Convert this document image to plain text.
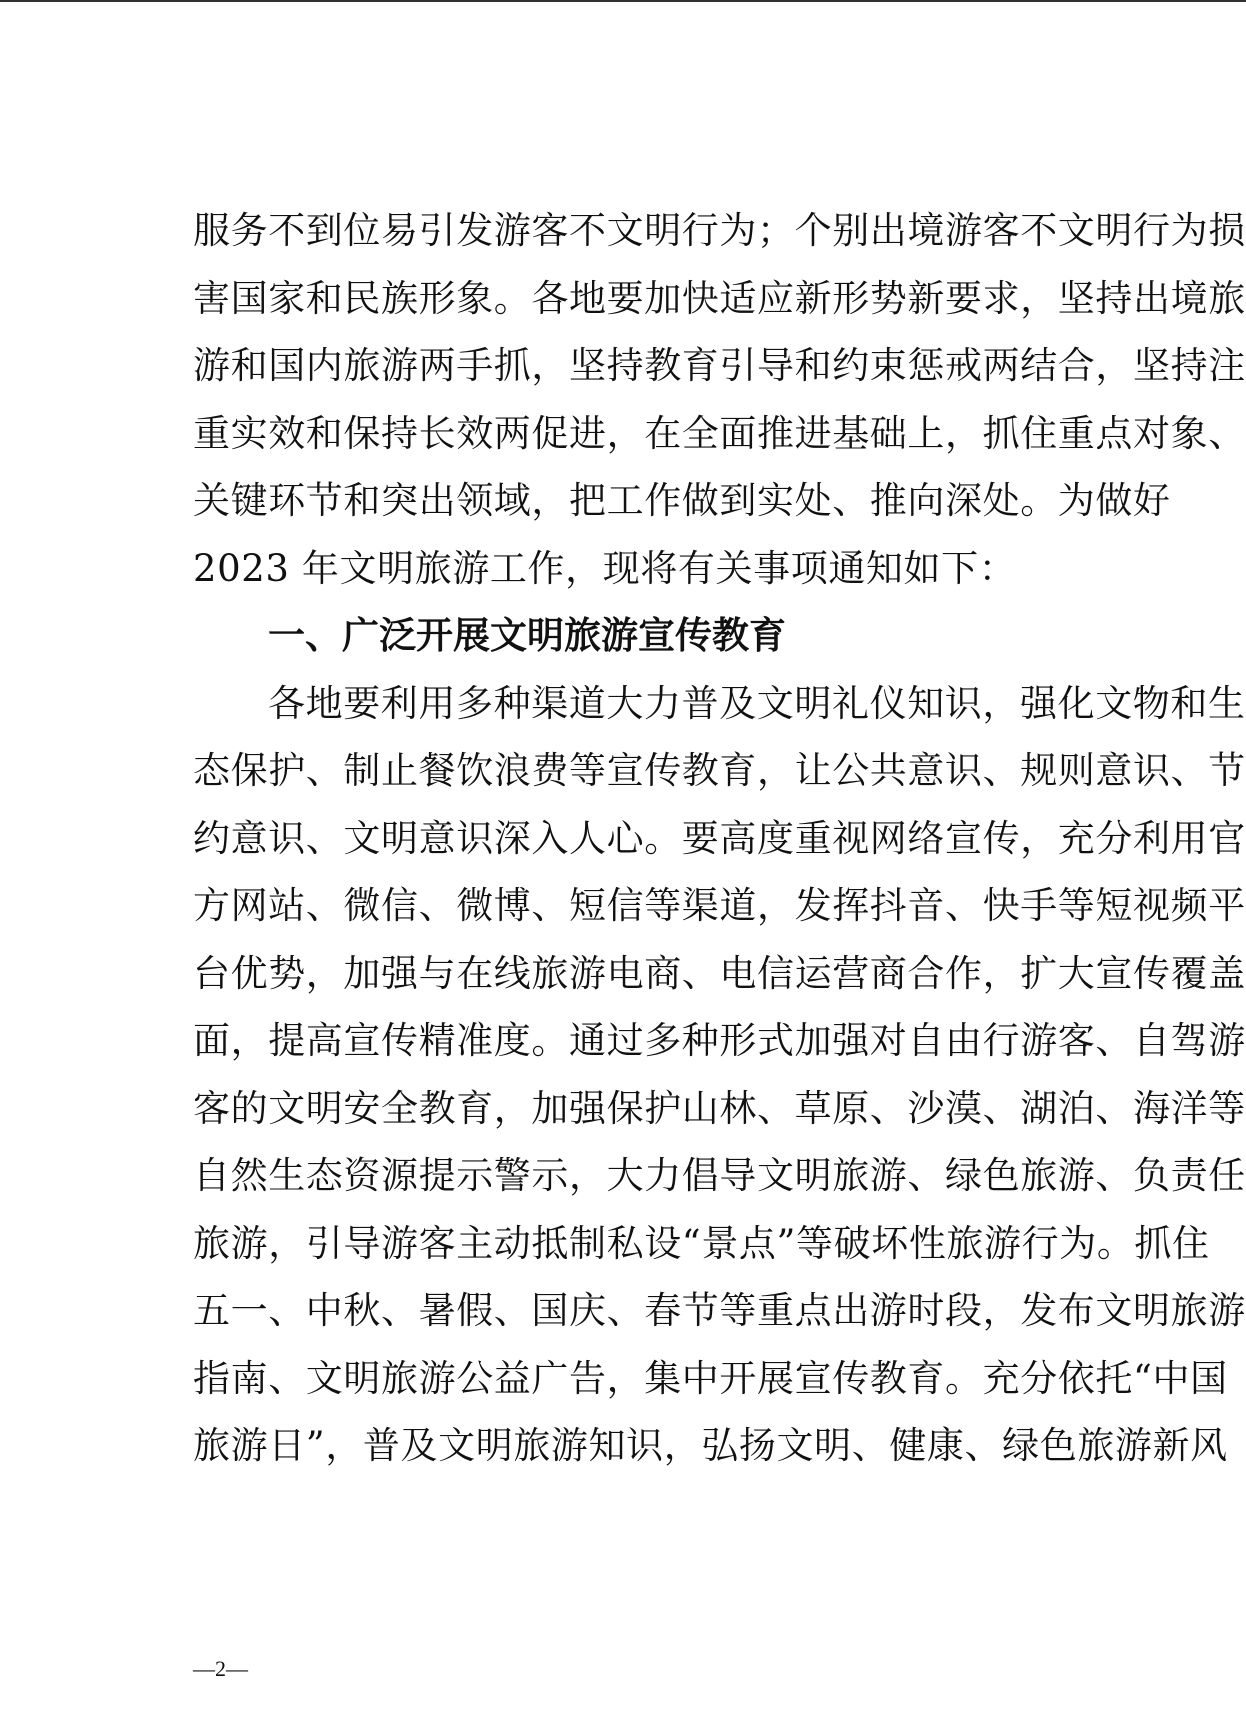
服务不到位易引发游客不文明行为；个别出境游客不文明行为损
害国家和民族形象。各地要加快适应新形势新要求，坚持出境旅
游和国内旅游两手抓，坚持教育引导和约束惩戒两结合，坚持注
重实效和保持长效两促进，在全面推进基础上，抓住重点对象、
关键环节和突出领域，把工作做到实处、推向深处。为做好
2023 年文明旅游工作，现将有关事项通知如下：
一、广泛开展文明旅游宣传教育
各地要利用多种渠道大力普及文明礼仪知识，强化文物和生
态保护、制止餐饮浪费等宣传教育，让公共意识、规则意识、节
约意识、文明意识深入人心。要高度重视网络宣传，充分利用官
方网站、微信、微博、短信等渠道，发挥抖音、快手等短视频平
台优势，加强与在线旅游电商、电信运营商合作，扩大宣传覆盖
面，提高宣传精准度。通过多种形式加强对自由行游客、自驾游
客的文明安全教育，加强保护山林、草原、沙漠、湖泊、海洋等
自然生态资源提示警示，大力倡导文明旅游、绿色旅游、负责任
旅游，引导游客主动抵制私设“景点”等破坏性旅游行为。抓住
五一、中秋、暑假、国庆、春节等重点出游时段，发布文明旅游
指南、文明旅游公益广告，集中开展宣传教育。充分依托“中国
旅游日”，普及文明旅游知识，弘扬文明、健康、绿色旅游新风
—2—
